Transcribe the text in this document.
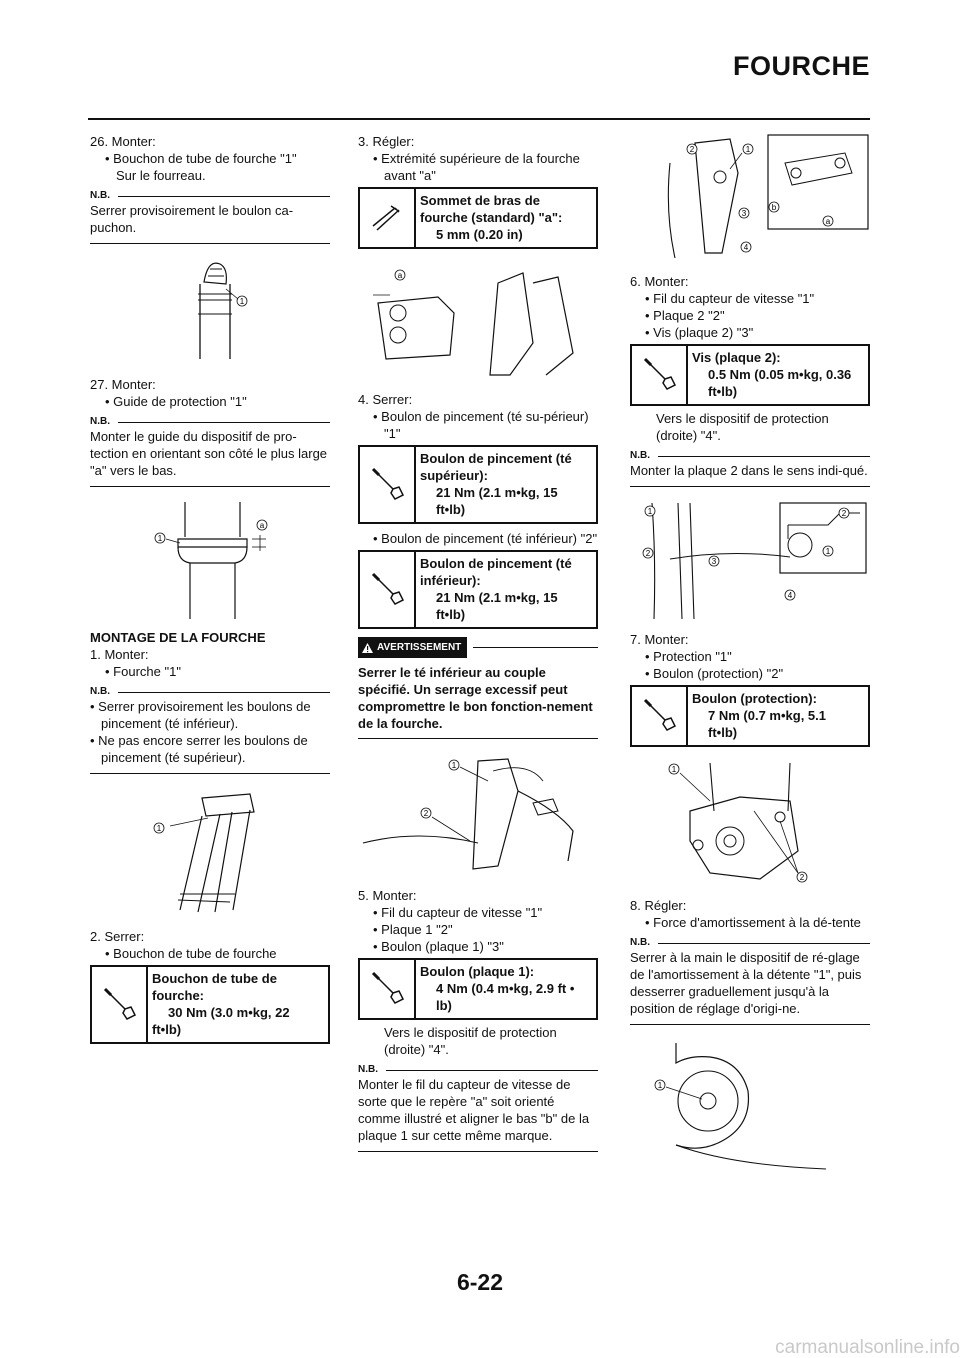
FOURCHE
26. Monter:
• Bouchon de tube de fourche "1"
Sur le fourreau.
N.B.
Serrer provisoirement le boulon ca-puchon.
1
27. Monter:
• Guide de protection "1"
N.B.
Monter le guide du dispositif de pro-tection en orientant son côté le plus large "a" vers le bas.
a
1
MONTAGE DE LA FOURCHE
1. Monter:
• Fourche "1"
N.B.
• Serrer provisoirement les boulons de pincement (té inférieur).
• Ne pas encore serrer les boulons de pincement (té supérieur).
1
2. Serrer:
• Bouchon de tube de fourche
Bouchon de tube de
fourche:
30 Nm (3.0 m•kg, 22
ft•lb)
3. Régler:
• Extrémité supérieure de la fourche avant "a"
Sommet de bras de
fourche (standard) "a":
5 mm (0.20 in)
a
4. Serrer:
• Boulon de pincement (té su-périeur) "1"
Boulon de pincement (té
supérieur):
21 Nm (2.1 m•kg, 15
ft•lb)
• Boulon de pincement (té inférieur) "2"
Boulon de pincement (té
inférieur):
21 Nm (2.1 m•kg, 15
ft•lb)
AVERTISSEMENT
Serrer le té inférieur au couple spécifié. Un serrage excessif peut compromettre le bon fonction-nement de la fourche.
1
2
5. Monter:
• Fil du capteur de vitesse "1"
• Plaque 1 "2"
• Boulon (plaque 1) "3"
Boulon (plaque 1):
4 Nm (0.4 m•kg, 2.9 ft •
lb)
Vers le dispositif de protection (droite) "4".
N.B.
Monter le fil du capteur de vitesse de sorte que le repère "a" soit orienté comme illustré et aligner le bas "b" de la plaque 1 sur cette même marque.
1
2
3
4
b
a
6. Monter:
• Fil du capteur de vitesse "1"
• Plaque 2 "2"
• Vis (plaque 2) "3"
Vis (plaque 2):
0.5 Nm (0.05 m•kg, 0.36
ft•lb)
Vers le dispositif de protection (droite) "4".
N.B.
Monter la plaque 2 dans le sens indi-qué.
1
2
3
4
2
1
7. Monter:
• Protection "1"
• Boulon (protection) "2"
Boulon (protection):
7 Nm (0.7 m•kg, 5.1
ft•lb)
1
2
8. Régler:
• Force d'amortissement à la dé-tente
N.B.
Serrer à la main le dispositif de ré-glage de l'amortissement à la détente "1", puis desserrer graduellement jusqu'à la position de réglage d'origi-ne.
1
6-22
carmanualsonline.info
